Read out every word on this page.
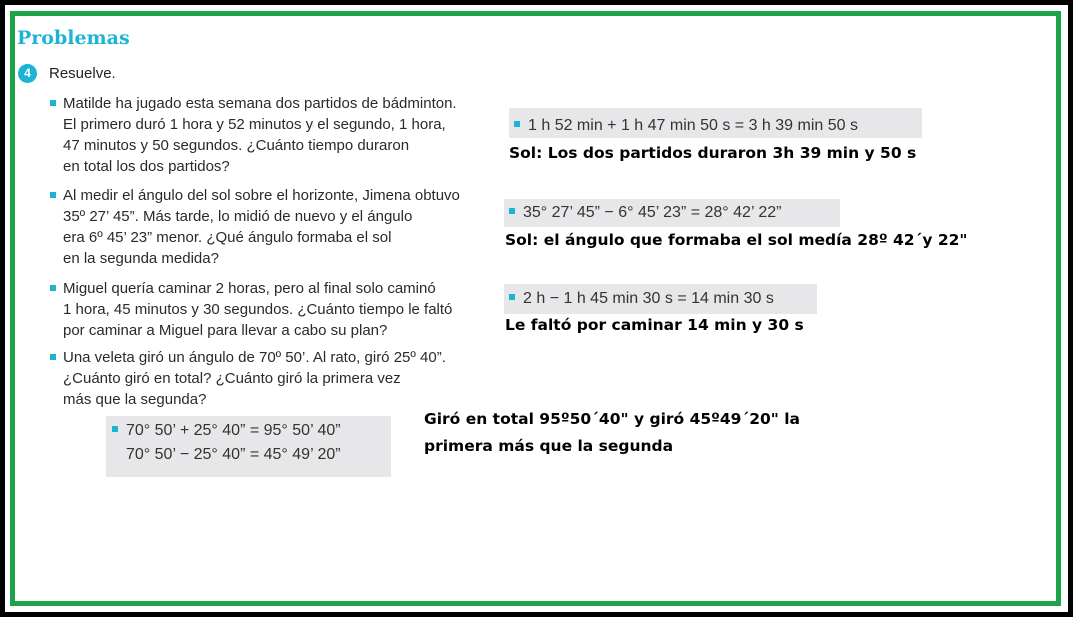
Problemas
4	Resuelve.
Matilde ha jugado esta semana dos partidos de bádminton.
El primero duró 1 hora y 52 minutos y el segundo, 1 hora,
47 minutos y 50 segundos. ¿Cuánto tiempo duraron
en total los dos partidos?
1 h 52 min + 1 h 47 min 50 s = 3 h 39 min 50 s
Sol: Los dos partidos duraron 3h 39 min y 50 s
Al medir el ángulo del sol sobre el horizonte, Jimena obtuvo
35º 27’ 45”. Más tarde, lo midió de nuevo y el ángulo
era 6º 45’ 23” menor. ¿Qué ángulo formaba el sol
en la segunda medida?
35° 27’ 45” − 6° 45’ 23” = 28° 42’ 22”
Sol: el ángulo que formaba el sol medía 28º 42´y 22"
Miguel quería caminar 2 horas, pero al final solo caminó
1 hora, 45 minutos y 30 segundos. ¿Cuánto tiempo le faltó
por caminar a Miguel para llevar a cabo su plan?
2 h − 1 h 45 min 30 s = 14 min 30 s
Le faltó por caminar 14 min y 30 s
Una veleta giró un ángulo de 70º 50’. Al rato, giró 25º 40”.
¿Cuánto giró en total? ¿Cuánto giró la primera vez
más que la segunda?
70° 50’ + 25° 40” = 95° 50’ 40”
70° 50’ − 25° 40” = 45° 49’ 20”
Giró en total 95º50´40" y giró 45º49´20" la
primera más que la segunda
